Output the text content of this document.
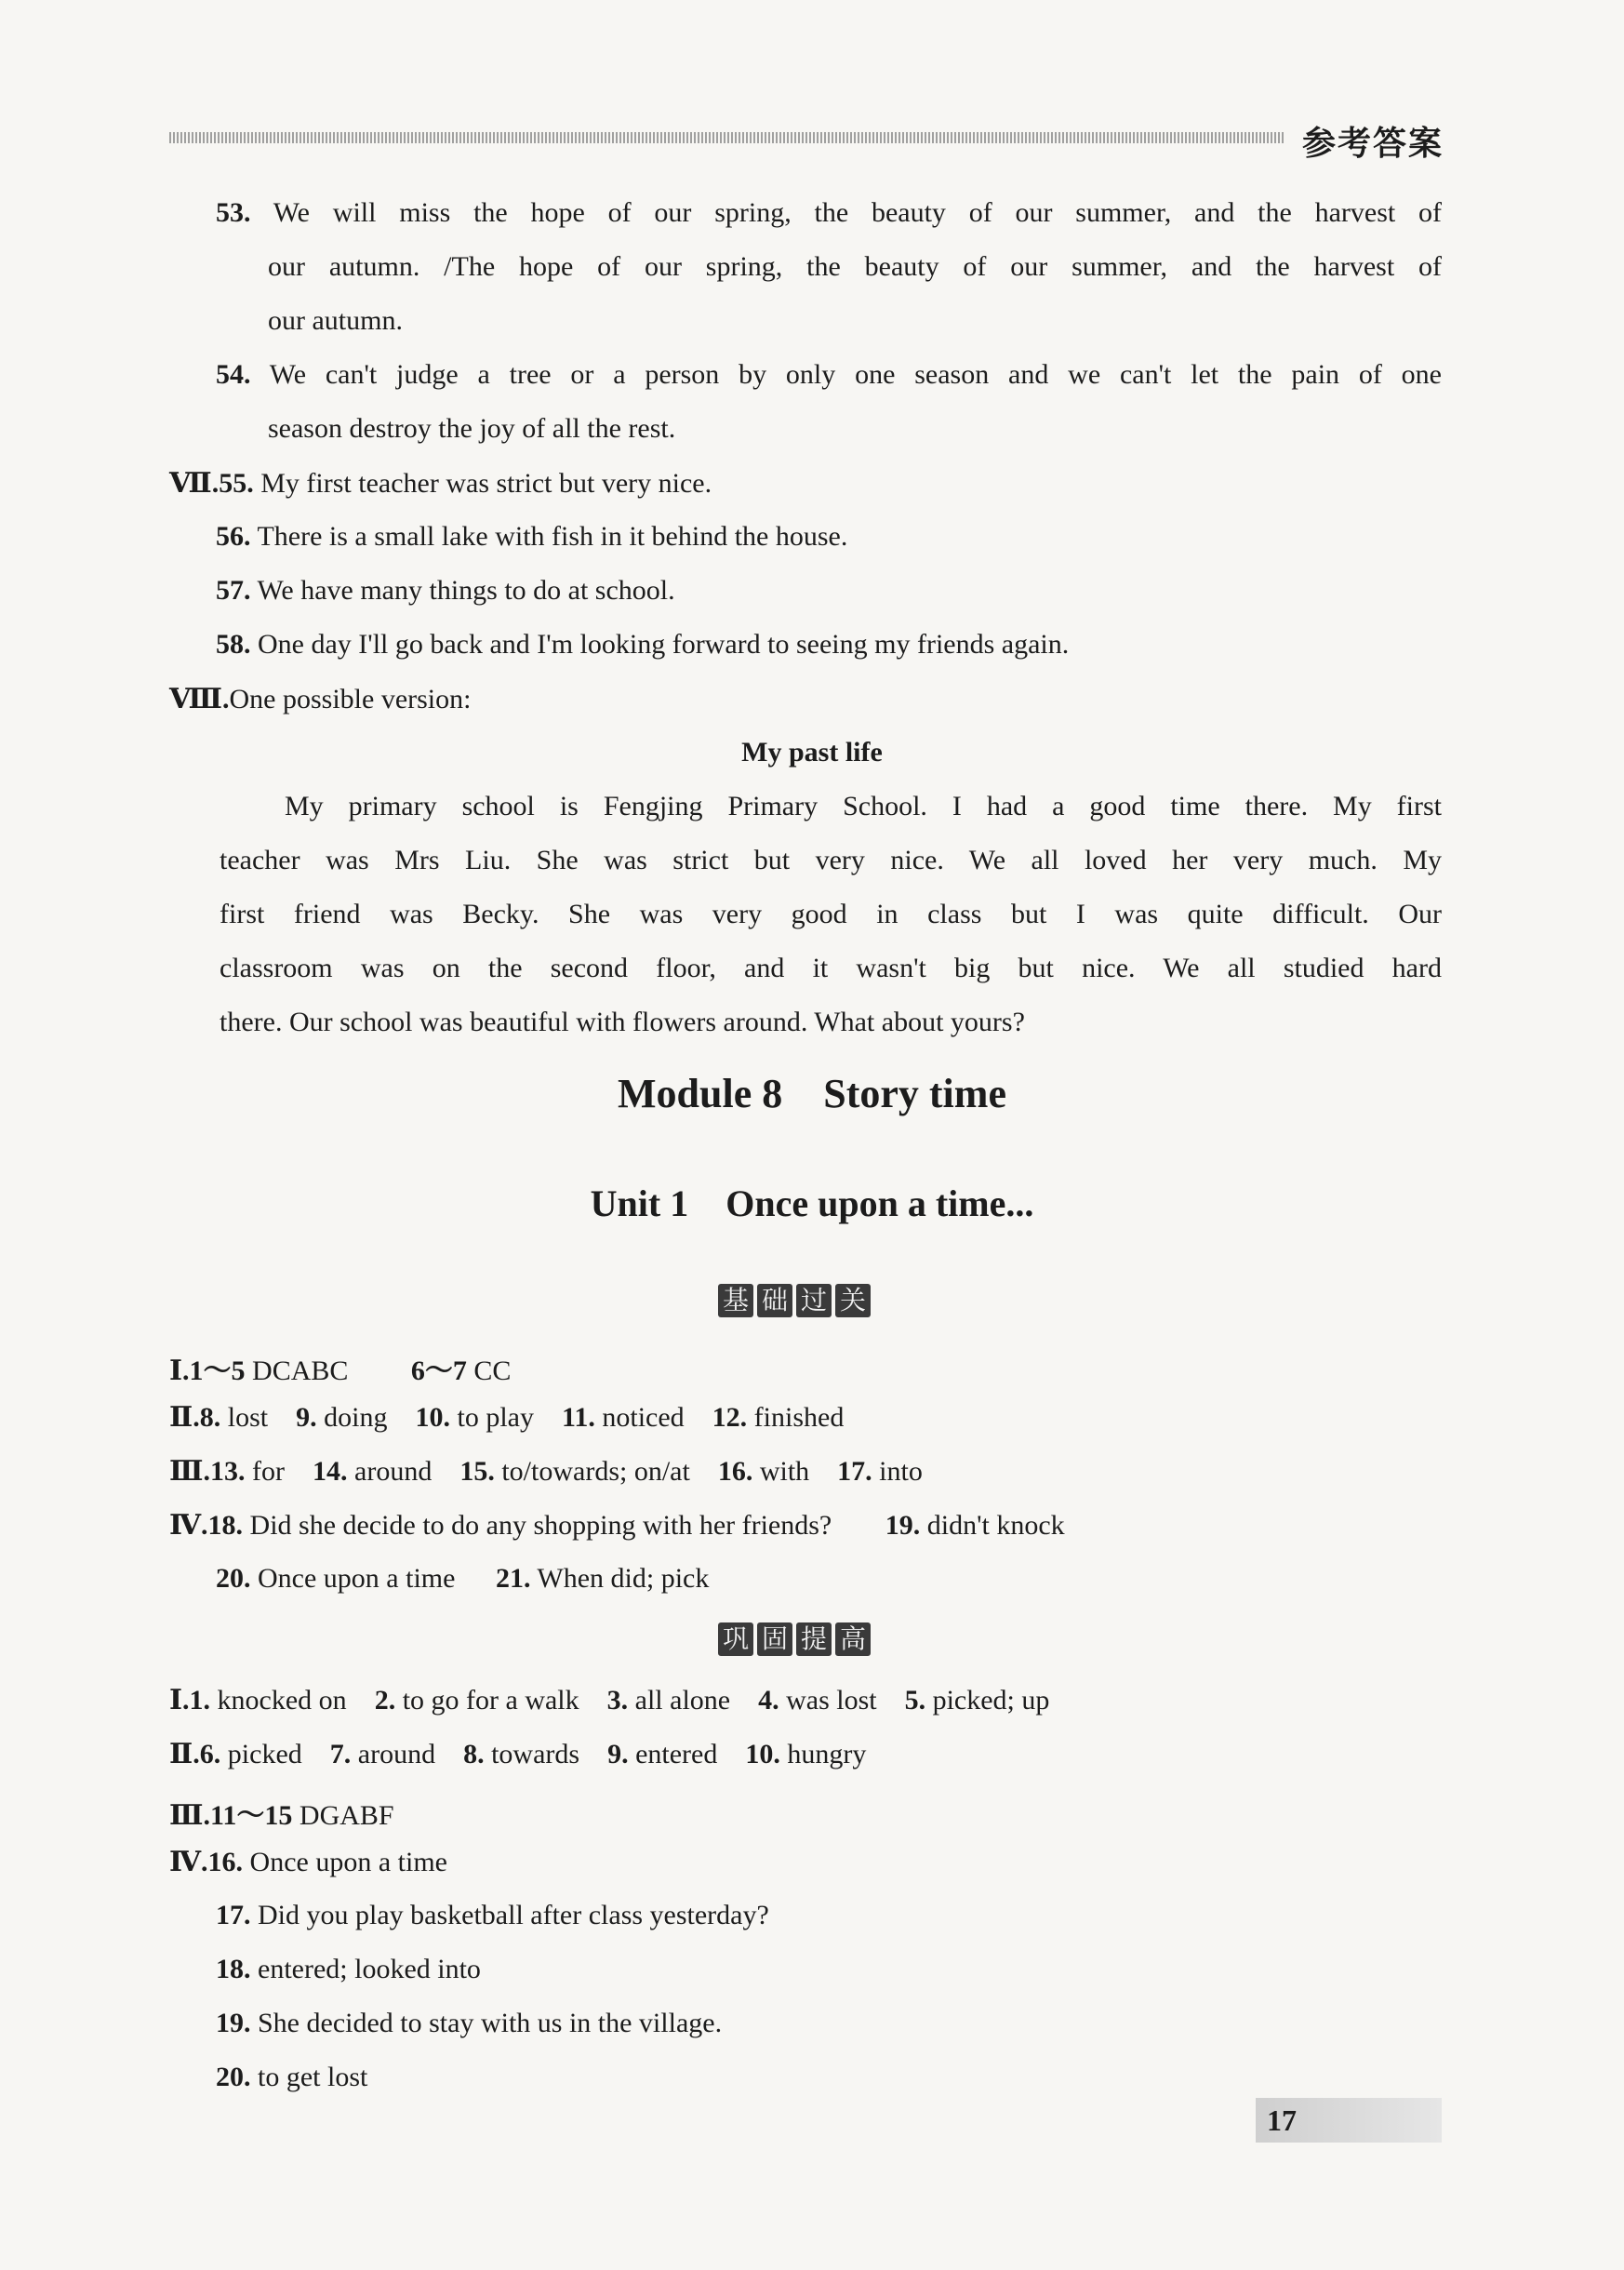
参考答案
53. We will miss the hope of our spring, the beauty of our summer, and the harvest of
our autumn. /The hope of our spring, the beauty of our summer, and the harvest of
our autumn.
54. We can't judge a tree or a person by only one season and we can't let the pain of one
season destroy the joy of all the rest.
Ⅶ.55. My first teacher was strict but very nice.
56. There is a small lake with fish in it behind the house.
57. We have many things to do at school.
58. One day I'll go back and I'm looking forward to seeing my friends again.
Ⅷ.One possible version:
My past life
My primary school is Fengjing Primary School. I had a good time there. My first
teacher was Mrs Liu. She was strict but very nice. We all loved her very much. My
first friend was Becky. She was very good in class but I was quite difficult. Our
classroom was on the second floor, and it wasn't big but nice. We all studied hard
there. Our school was beautiful with flowers around. What about yours?
Module 8    Story time
Unit 1    Once upon a time...
基 础 过 关
Ⅰ.1～5 DCABC 6～7 CC
Ⅱ.8. lost 9. doing 10. to play 11. noticed 12. finished
Ⅲ.13. for 14. around 15. to/towards; on/at 16. with 17. into
Ⅳ.18. Did she decide to do any shopping with her friends? 19. didn't knock
20. Once upon a time 21. When did; pick
巩 固 提 高
Ⅰ.1. knocked on 2. to go for a walk 3. all alone 4. was lost 5. picked; up
Ⅱ.6. picked 7. around 8. towards 9. entered 10. hungry
Ⅲ.11～15 DGABF
Ⅳ.16. Once upon a time
17. Did you play basketball after class yesterday?
18. entered; looked into
19. She decided to stay with us in the village.
20. to get lost
17
